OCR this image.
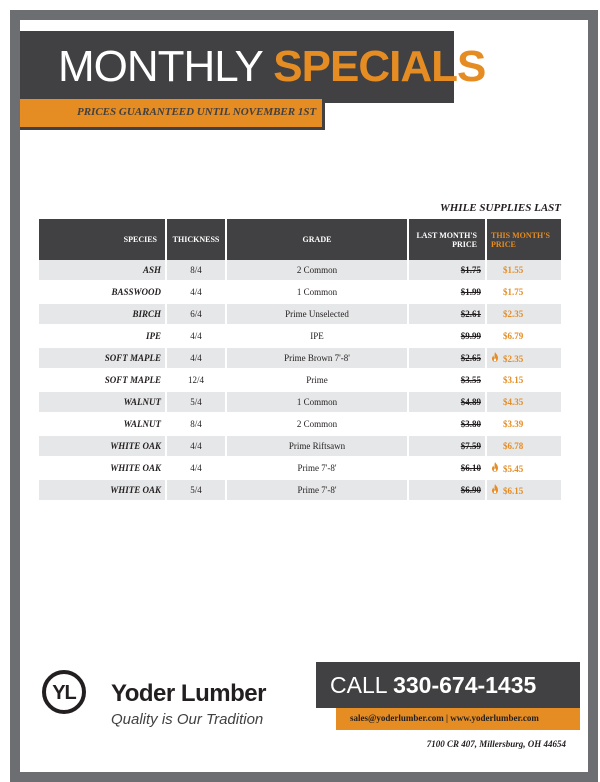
MONTHLY SPECIALS
PRICES GUARANTEED UNTIL NOVEMBER 1ST
WHILE SUPPLIES LAST
SPECIES	THICKNESS	GRADE	LAST MONTH'S PRICE	THIS MONTH'S PRICE
ASH	8/4	2 Common	$1.75	$1.55
BASSWOOD	4/4	1 Common	$1.99	$1.75
BIRCH	6/4	Prime Unselected	$2.61	$2.35
IPE	4/4	IPE	$9.99	$6.79
SOFT MAPLE	4/4	Prime Brown 7'-8'	$2.65	$2.35
SOFT MAPLE	12/4	Prime	$3.55	$3.15
WALNUT	5/4	1 Common	$4.89	$4.35
WALNUT	8/4	2 Common	$3.80	$3.39
WHITE OAK	4/4	Prime Riftsawn	$7.59	$6.78
WHITE OAK	4/4	Prime 7'-8'	$6.10	$5.45
WHITE OAK	5/4	Prime 7'-8'	$6.90	$6.15
YL Yoder Lumber
Quality is Our Tradition
CALL 330-674-1435
sales@yoderlumber.com | www.yoderlumber.com
7100 CR 407, Millersburg, OH 44654
